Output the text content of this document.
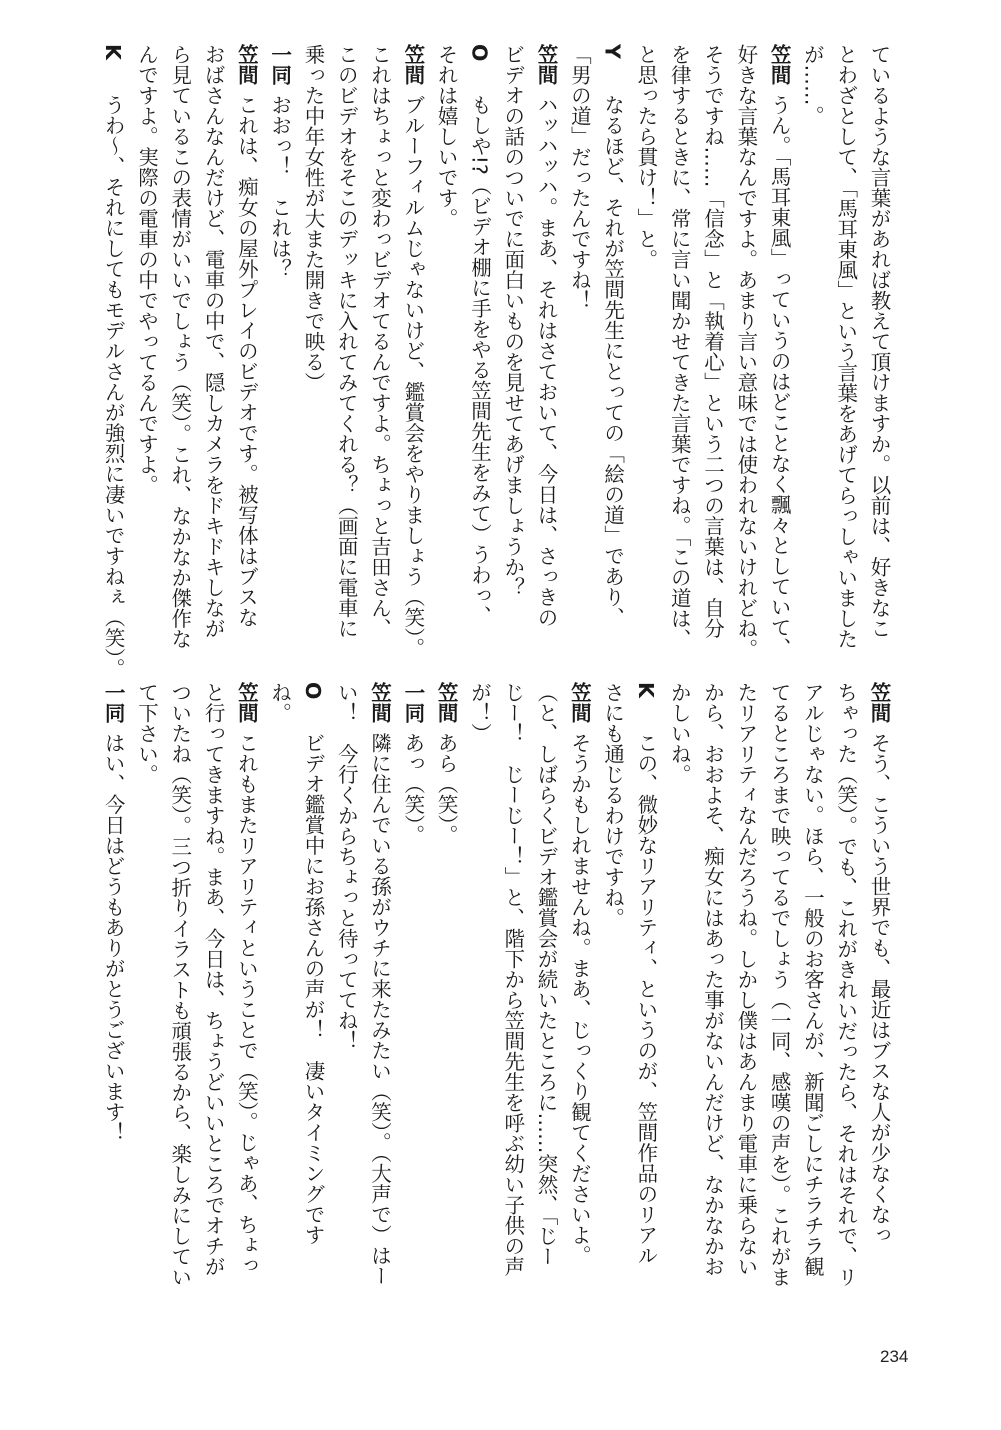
ているような言葉があれば教えて頂けますか。以前は、好きなこ
とわざとして、「馬耳東風」という言葉をあげてらっしゃいました
が……。
笠間うん。「馬耳東風」っていうのはどことなく飄々としていて、
好きな言葉なんですよ。あまり言い意味では使われないけれどね。
そうですね……「信念」と「執着心」という二つの言葉は、自分
を律するときに、常に言い聞かせてきた言葉ですね。「この道は、
と思ったら貫け！」と。
Yなるほど、それが笠間先生にとっての「絵の道」であり、
「男の道」だったんですね！
笠間ハッハッハ。まあ、それはさておいて、今日は、さっきの
ビデオの話のついでに面白いものを見せてあげましょうか？
Oもしや!?（ビデオ棚に手をやる笠間先生をみて）うわっ、
それは嬉しいです。
笠間ブルーフィルムじゃないけど、鑑賞会をやりましょう（笑）。
これはちょっと変わっビデオてるんですよ。ちょっと吉田さん、
このビデオをそこのデッキに入れてみてくれる？（画面に電車に
乗った中年女性が大また開きで映る）
一同おおっ！　これは？
笠間これは、痴女の屋外プレイのビデオです。被写体はブスな
おばさんなんだけど、電車の中で、隠しカメラをドキドキしなが
ら見ているこの表情がいいでしょう（笑）。これ、なかなか傑作な
んですよ。実際の電車の中でやってるんですよ。
Kうわ～、それにしてもモデルさんが強烈に凄いですねぇ（笑）。
笠間そう、こういう世界でも、最近はブスな人が少なくなっ
ちゃった（笑）。でも、これがきれいだったら、それはそれで、リ
アルじゃない。ほら、一般のお客さんが、新聞ごしにチラチラ観
てるところまで映ってるでしょう（一同、感嘆の声を）。これがま
たリアリティなんだろうね。しかし僕はあんまり電車に乗らない
から、おおよそ、痴女にはあった事がないんだけど、なかなかお
かしいね。
Kこの、微妙なリアリティ、というのが、笠間作品のリアル
さにも通じるわけですね。
笠間そうかもしれませんね。まあ、じっくり観てくださいよ。
（と、しばらくビデオ鑑賞会が続いたところに……突然、「じー
じー！　じーじー！」と、階下から笠間先生を呼ぶ幼い子供の声
が！）
笠間あら（笑）。
一同あっ（笑）。
笠間隣に住んでいる孫がウチに来たみたい（笑）。（大声で）はー
い！　今行くからちょっと待っててね！
Oビデオ鑑賞中にお孫さんの声が！　凄いタイミングです
ね。
笠間これもまたリアリティということで（笑）。じゃあ、ちょっ
と行ってきますね。まあ、今日は、ちょうどいいところでオチが
ついたね（笑）。三つ折りイラストも頑張るから、楽しみにしてい
て下さい。
一同はい、今日はどうもありがとうございます！
234
